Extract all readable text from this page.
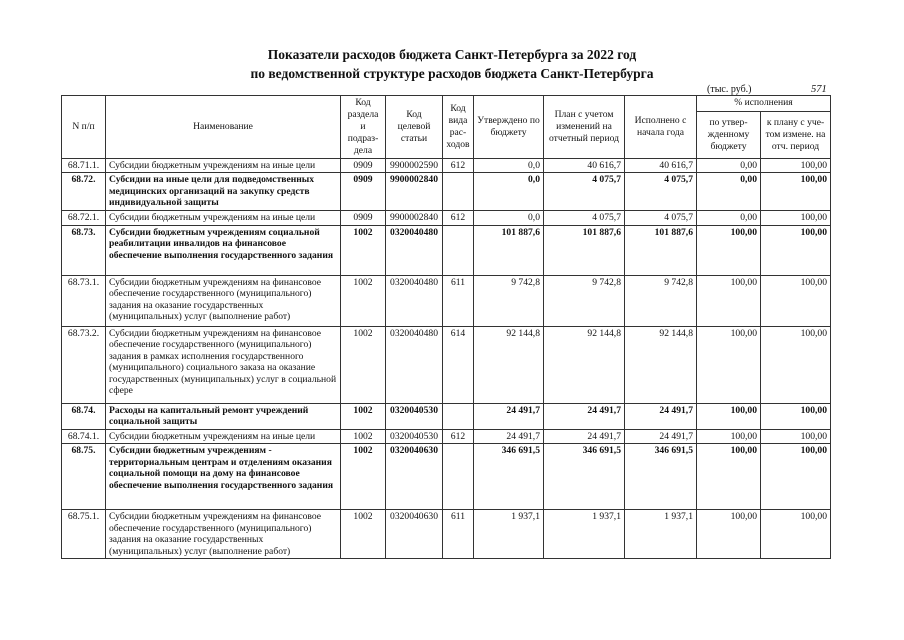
Показатели расходов бюджета Санкт-Петербурга за 2022 год
по ведомственной структуре расходов бюджета Санкт-Петербурга
(тыс. руб.)	571
N п/п	Наименование	Код раздела и подраз-дела	Код целевой статьи	Код вида рас-ходов	Утверждено по бюджету	План с учетом изменений на отчетный период	Исполнено с начала года	% исполнения	
								по утвер-жденному бюджету	к плану с уче-том измене. на отч. период
68.71.1.	Субсидии бюджетным учреждениям на иные цели	0909	9900002590	612	0,0	40 616,7	40 616,7	0,00	100,00
68.72.	Субсидии на иные цели для подведомственных медицинских организаций на закупку средств индивидуальной защиты	0909	9900002840		0,0	4 075,7	4 075,7	0,00	100,00
68.72.1.	Субсидии бюджетным учреждениям на иные цели	0909	9900002840	612	0,0	4 075,7	4 075,7	0,00	100,00
68.73.	Субсидии бюджетным учреждениям социальной реабилитации инвалидов на финансовое обеспечение выполнения государственного задания	1002	0320040480		101 887,6	101 887,6	101 887,6	100,00	100,00
68.73.1.	Субсидии бюджетным учреждениям на финансовое обеспечение государственного (муниципального) задания на оказание государственных (муниципальных) услуг (выполнение работ)	1002	0320040480	611	9 742,8	9 742,8	9 742,8	100,00	100,00
68.73.2.	Субсидии бюджетным учреждениям на финансовое обеспечение государственного (муниципального) задания в рамках исполнения государственного (муниципального) социального заказа на оказание государственных (муниципальных) услуг в социальной сфере	1002	0320040480	614	92 144,8	92 144,8	92 144,8	100,00	100,00
68.74.	Расходы на капитальный ремонт учреждений социальной защиты	1002	0320040530		24 491,7	24 491,7	24 491,7	100,00	100,00
68.74.1.	Субсидии бюджетным учреждениям на иные цели	1002	0320040530	612	24 491,7	24 491,7	24 491,7	100,00	100,00
68.75.	Субсидии бюджетным учреждениям - территориальным центрам и отделениям оказания социальной помощи на дому на финансовое обеспечение выполнения государственного задания	1002	0320040630		346 691,5	346 691,5	346 691,5	100,00	100,00
68.75.1.	Субсидии бюджетным учреждениям на финансовое обеспечение государственного (муниципального) задания на оказание государственных (муниципальных) услуг (выполнение работ)	1002	0320040630	611	1 937,1	1 937,1	1 937,1	100,00	100,00
